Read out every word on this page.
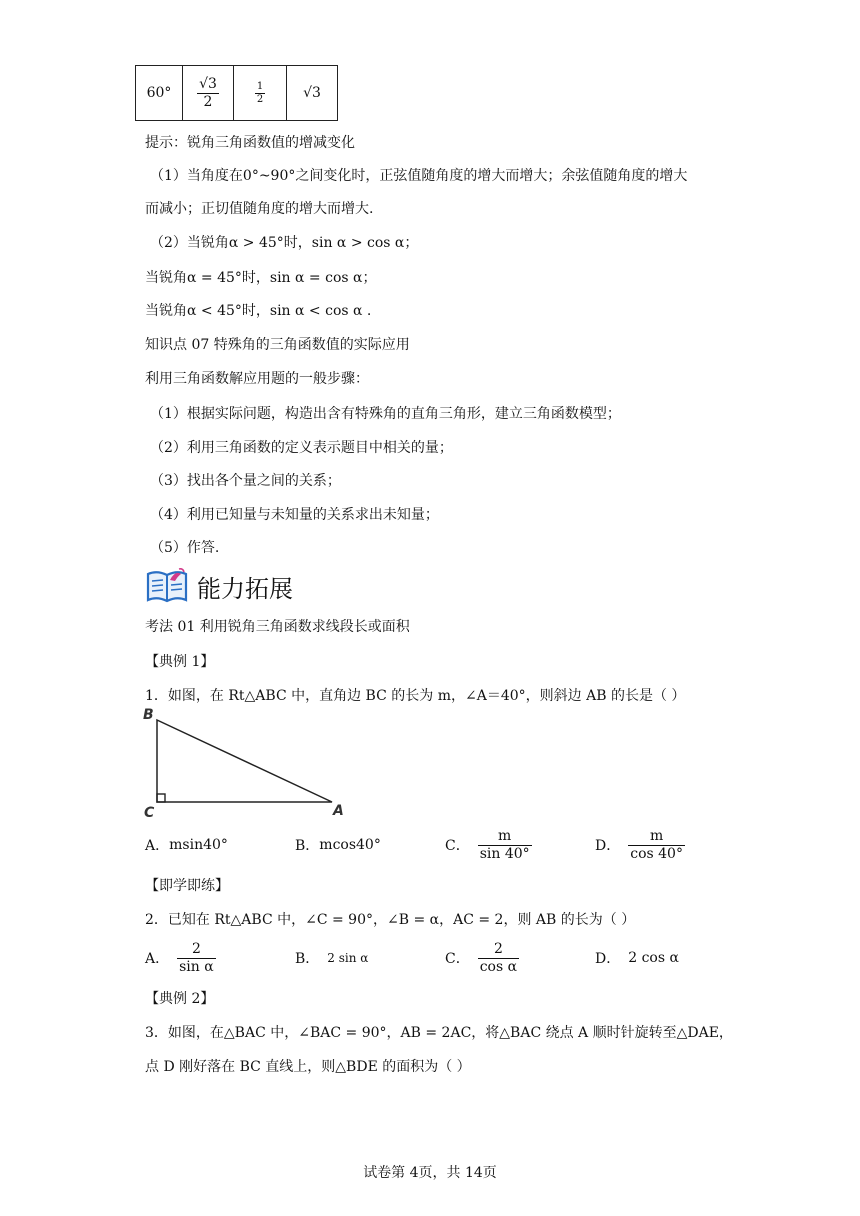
60°	$\frac{√3}{2}$	$\frac{1}{2}$	√3
提示：锐角三角函数值的增减变化
（1）当角度在0°~90°之间变化时，正弦值随角度的增大而增大；余弦值随角度的增大
而减小；正切值随角度的增大而增大.
（2）当锐角α > 45°时，sin α > cos α；
当锐角α = 45°时，sin α = cos α；
当锐角α < 45°时，sin α < cos α .
知识点 07 特殊角的三角函数值的实际应用
利用三角函数解应用题的一般步骤：
（1）根据实际问题，构造出含有特殊角的直角三角形，建立三角函数模型；
（2）利用三角函数的定义表示题目中相关的量；
（3）找出各个量之间的关系；
（4）利用已知量与未知量的关系求出未知量；
（5）作答.
能力拓展
考法 01 利用锐角三角函数求线段长或面积
【典例 1】
1．如图，在 Rt△ABC 中，直角边 BC 的长为 m，∠A＝40°，则斜边 AB 的长是（ ）
B
C	A
A． msin40°	B． mcos40°	C． $\frac{m}{\sin 40^\circ}$	D． $\frac{m}{\cos 40^\circ}$
【即学即练】
2．已知在 Rt△ABC 中，∠C = 90°，∠B = α，AC = 2，则 AB 的长为（ ）
A． $\frac{2}{\text{sin α}}$	B． 2 sin α	C． $\frac{2}{\text{cos α}}$	D． 2 cos α
【典例 2】
3．如图，在△BAC 中，∠BAC = 90°，AB = 2AC，将△BAC 绕点 A 顺时针旋转至△DAE，
点 D 刚好落在 BC 直线上，则△BDE 的面积为（ ）
试卷第 4页，共 14页
